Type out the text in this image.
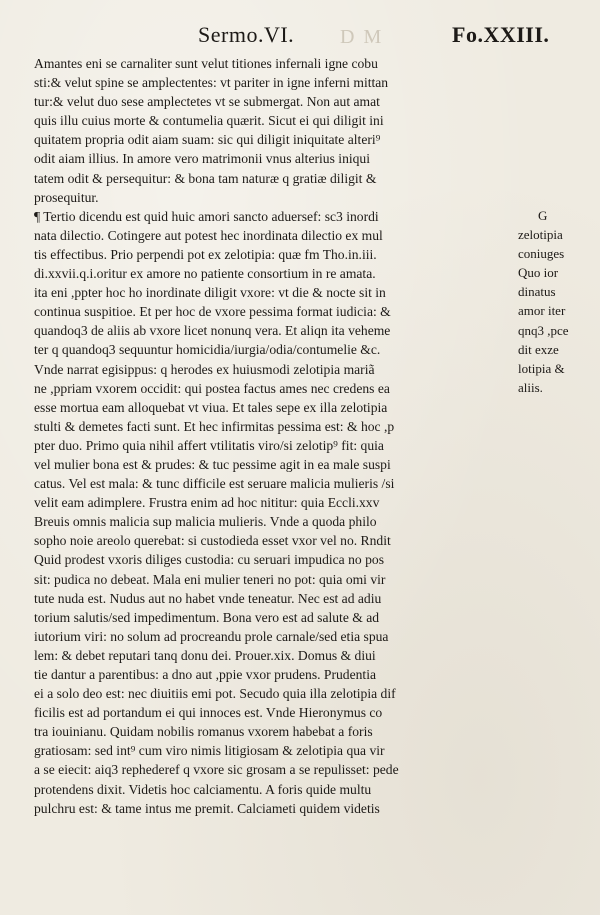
Sermo.VI. D M	Fo.XXIII.
Amantes eni se carnaliter sunt velut titiones infernali igne cobu
sti:& velut spine se amplectentes: vt pariter in igne inferni mittan
tur:& velut duo sese amplectetes vt se submergat. Non aut amat
quis illu cuius morte & contumelia quærit. Sicut ei qui diligit ini
quitatem propria odit aiam suam: sic qui diligit iniquitate alteri⁹
odit aiam illius. In amore vero matrimonii vnus alterius iniqui
tatem odit & persequitur: & bona tam naturæ q gratiæ diligit &
prosequitur.
¶ Tertio dicendu est quid huic amori sancto aduersef: sc3 inordi
nata dilectio. Cotingere aut potest hec inordinata dilectio ex mul
tis effectibus. Prio perpendi pot ex zelotipia: quæ fm Tho.in.iii.
di.xxvii.q.i.oritur ex amore no patiente consortium in re amata.
ita eni ,ppter hoc ho inordinate diligit vxore: vt die & nocte sit in
continua suspitioe. Et per hoc de vxore pessima format iudicia: &
quandoq3 de aliis ab vxore licet nonunq vera. Et aliqn ita veheme
ter q quandoq3 sequuntur homicidia/iurgia/odia/contumelie &c.
Vnde narrat egisippus: q herodes ex huiusmodi zelotipia mariã
ne ,ppriam vxorem occidit: qui postea factus ames nec credens ea
esse mortua eam alloquebat vt viua. Et tales sepe ex illa zelotipia
stulti & demetes facti sunt. Et hec infirmitas pessima est: & hoc ,p
pter duo. Primo quia nihil affert vtilitatis viro/si zelotip⁹ fit: quia
vel mulier bona est & prudes: & tuc pessime agit in ea male suspi
catus. Vel est mala: & tunc difficile est seruare malicia mulieris /si
velit eam adimplere. Frustra enim ad hoc nititur: quia Eccli.xxv
Breuis omnis malicia sup malicia mulieris. Vnde a quoda philo
sopho noie areolo querebat: si custodieda esset vxor vel no. Rndit
Quid prodest vxoris diliges custodia: cu seruari impudica no pos
sit: pudica no debeat. Mala eni mulier teneri no pot: quia omi vir
tute nuda est. Nudus aut no habet vnde teneatur. Nec est ad adiu
torium salutis/sed impedimentum. Bona vero est ad salute & ad
iutorium viri: no solum ad procreandu prole carnale/sed etia spua
lem: & debet reputari tanq donu dei. Prouer.xix. Domus & diui
tie dantur a parentibus: a dno aut ,ppie vxor prudens. Prudentia
ei a solo deo est: nec diuitiis emi pot. Secudo quia illa zelotipia dif
ficilis est ad portandum ei qui innoces est. Vnde Hieronymus co
tra iouinianu. Quidam nobilis romanus vxorem habebat a foris
gratiosam: sed int⁹ cum viro nimis litigiosam & zelotipia qua vir
a se eiecit: aiq3 rephederef q vxore sic grosam a se repulisset: pede
protendens dixit. Videtis hoc calciamentu. A foris quide multu
pulchru est: & tame intus me premit. Calciameti quidem videtis
G
zelotipia
coniuges
Quo ior
dinatus
amor iter
qnq3 ,pce
dit exze
lotipia &
aliis.
